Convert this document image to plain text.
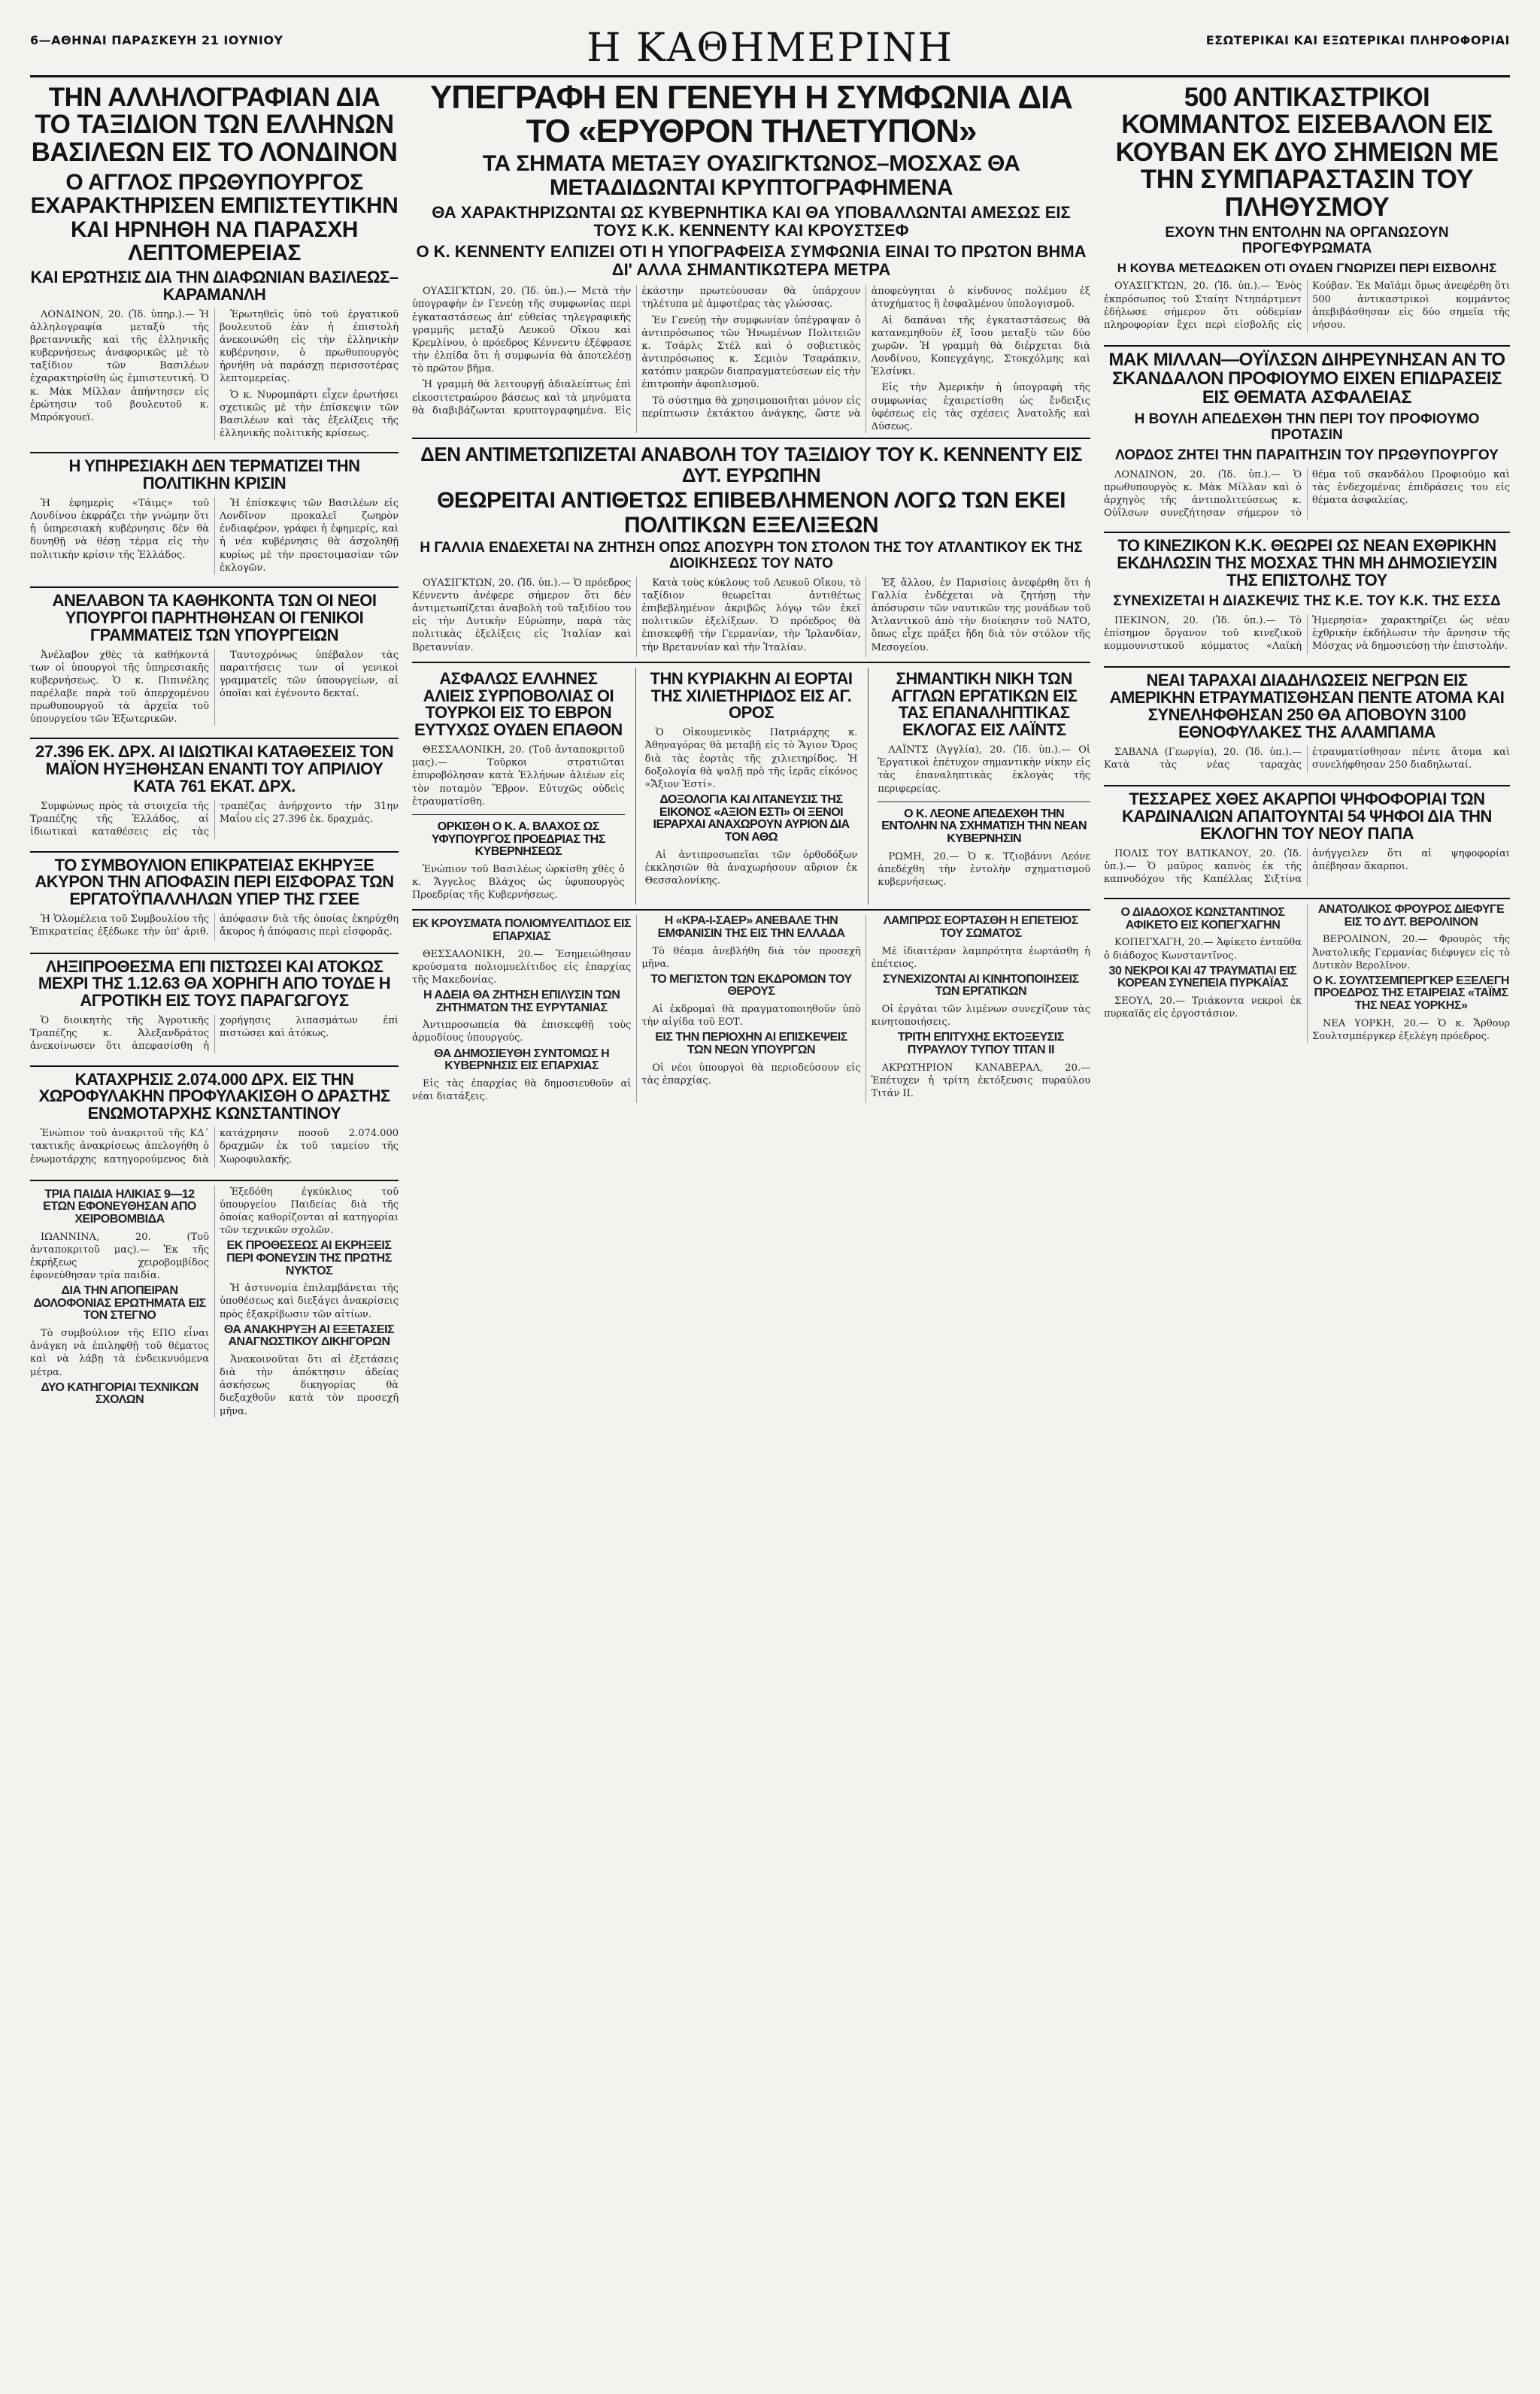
6—ΑΘΗΝΑΙ ΠΑΡΑΣΚΕΥΗ 21 ΙΟΥΝΙΟΥ	Η ΚΑΘΗΜΕΡΙΝΗ	ΕΣΩΤΕΡΙΚΑΙ ΚΑΙ ΕΞΩΤΕΡΙΚΑΙ ΠΛΗΡΟΦΟΡΙΑΙ
ΤΗΝ ΑΛΛΗΛΟΓΡΑΦΙΑΝ ΔΙΑ ΤΟ ΤΑΞΙΔΙΟΝ ΤΩΝ ΕΛΛΗΝΩΝ ΒΑΣΙΛΕΩΝ ΕΙΣ ΤΟ ΛΟΝΔΙΝΟΝ
Ο ΑΓΓΛΟΣ ΠΡΩΘΥΠΟΥΡΓΟΣ ΕΧΑΡΑΚΤΗΡΙΣΕΝ ΕΜΠΙΣΤΕΥΤΙΚΗΝ ΚΑΙ ΗΡΝΗΘΗ ΝΑ ΠΑΡΑΣΧΗ ΛΕΠΤΟΜΕΡΕΙΑΣ
ΚΑΙ ΕΡΩΤΗΣΙΣ ΔΙΑ ΤΗΝ ΔΙΑΦΩΝΙΑΝ ΒΑΣΙΛΕΩΣ–ΚΑΡΑΜΑΝΛΗ

ΛΟΝΔΙΝΟΝ, 20. (Ἰδ. ὑπηρ.).— Ἡ ἀλληλογραφία μεταξὺ τῆς βρεταννικῆς καὶ τῆς ἑλληνικῆς κυβερνήσεως ἀναφορικῶς μὲ τὸ ταξίδιον τῶν Βασιλέων ἐχαρακτηρίσθη ὡς ἐμπιστευτική. Ὁ κ. Μὰκ Μίλλαν ἀπήντησεν εἰς ἐρώτησιν τοῦ βουλευτοῦ κ. Μπρόκγουεϊ.

Ἐρωτηθεὶς ὑπὸ τοῦ ἐργατικοῦ βουλευτοῦ ἐὰν ἡ ἐπιστολὴ ἀνεκοινώθη εἰς τὴν ἑλληνικὴν κυβέρνησιν, ὁ πρωθυπουργὸς ἠρνήθη νὰ παράσχῃ περισσοτέρας λεπτομερείας.

Ὁ κ. Νυρομπάρτι εἶχεν ἐρωτήσει σχετικῶς μὲ τὴν ἐπίσκεψιν τῶν Βασιλέων καὶ τὰς ἐξελίξεις τῆς ἑλληνικῆς πολιτικῆς κρίσεως.

Η ΥΠΗΡΕΣΙΑΚΗ ΔΕΝ ΤΕΡΜΑΤΙΖΕΙ ΤΗΝ ΠΟΛΙΤΙΚΗΝ ΚΡΙΣΙΝ

Ἡ ἐφημερὶς «Τάιμς» τοῦ Λονδίνου ἐκφράζει τὴν γνώμην ὅτι ἡ ὑπηρεσιακὴ κυβέρνησις δὲν θὰ δυνηθῇ νὰ θέσῃ τέρμα εἰς τὴν πολιτικὴν κρίσιν τῆς Ἑλλάδος.

Ἡ ἐπίσκεψις τῶν Βασιλέων εἰς Λονδῖνον προκαλεῖ ζωηρὸν ἐνδιαφέρον, γράφει ἡ ἐφημερίς, καὶ ἡ νέα κυβέρνησις θὰ ἀσχοληθῇ κυρίως μὲ τὴν προετοιμασίαν τῶν ἐκλογῶν.

ΑΝΕΛΑΒΟΝ ΤΑ ΚΑΘΗΚΟΝΤΑ ΤΩΝ ΟΙ ΝΕΟΙ ΥΠΟΥΡΓΟΙ ΠΑΡΗΤΗΘΗΣΑΝ ΟΙ ΓΕΝΙΚΟΙ ΓΡΑΜΜΑΤΕΙΣ ΤΩΝ ΥΠΟΥΡΓΕΙΩΝ

Ἀνέλαβον χθὲς τὰ καθήκοντά των οἱ ὑπουργοὶ τῆς ὑπηρεσιακῆς κυβερνήσεως. Ὁ κ. Πιπινέλης παρέλαβε παρὰ τοῦ ἀπερχομένου πρωθυπουργοῦ τὰ ἀρχεῖα τοῦ ὑπουργείου τῶν Ἐξωτερικῶν.

Ταυτοχρόνως ὑπέβαλον τὰς παραιτήσεις των οἱ γενικοὶ γραμματεῖς τῶν ὑπουργείων, αἱ ὁποῖαι καὶ ἐγένοντο δεκταί.

27.396 ΕΚ. ΔΡΧ. ΑΙ ΙΔΙΩΤΙΚΑΙ ΚΑΤΑΘΕΣΕΙΣ ΤΟΝ ΜΑΪΟΝ ΗΥΞΗΘΗΣΑΝ ΕΝΑΝΤΙ ΤΟΥ ΑΠΡΙΛΙΟΥ ΚΑΤΑ 761 ΕΚΑΤ. ΔΡΧ.

Συμφώνως πρὸς τὰ στοιχεῖα τῆς Τραπέζης τῆς Ἑλλάδος, αἱ ἰδιωτικαὶ καταθέσεις εἰς τὰς τραπέζας ἀνήρχοντο τὴν 31ην Μαΐου εἰς 27.396 ἑκ. δραχμάς.

ΤΟ ΣΥΜΒΟΥΛΙΟΝ ΕΠΙΚΡΑΤΕΙΑΣ ΕΚΗΡΥΞΕ ΑΚΥΡΟΝ ΤΗΝ ΑΠΟΦΑΣΙΝ ΠΕΡΙ ΕΙΣΦΟΡΑΣ ΤΩΝ ΕΡΓΑΤΟΫΠΑΛΛΗΛΩΝ ΥΠΕΡ ΤΗΣ ΓΣΕΕ

Ἡ Ὁλομέλεια τοῦ Συμβουλίου τῆς Ἐπικρατείας ἐξέδωκε τὴν ὑπ' ἀριθ. ἀπόφασιν διὰ τῆς ὁποίας ἐκηρύχθη ἄκυρος ἡ ἀπόφασις περὶ εἰσφορᾶς.

ΛΗΞΙΠΡΟΘΕΣΜΑ ΕΠΙ ΠΙΣΤΩΣΕΙ ΚΑΙ ΑΤΟΚΩΣ ΜΕΧΡΙ ΤΗΣ 1.12.63 ΘΑ ΧΟΡΗΓΗ ΑΠΟ ΤΟΥΔΕ Η ΑΓΡΟΤΙΚΗ ΕΙΣ ΤΟΥΣ ΠΑΡΑΓΩΓΟΥΣ

Ὁ διοικητὴς τῆς Ἀγροτικῆς Τραπέζης κ. Ἀλεξανδράτος ἀνεκοίνωσεν ὅτι ἀπεφασίσθη ἡ χορήγησις λιπασμάτων ἐπὶ πιστώσει καὶ ἀτόκως.

ΚΑΤΑΧΡΗΣΙΣ 2.074.000 ΔΡΧ. ΕΙΣ ΤΗΝ ΧΩΡΟΦΥΛΑΚΗΝ ΠΡΟΦΥΛΑΚΙΣΘΗ Ο ΔΡΑΣΤΗΣ ΕΝΩΜΟΤΑΡΧΗΣ ΚΩΝΣΤΑΝΤΙΝΟΥ

Ἐνώπιον τοῦ ἀνακριτοῦ τῆς ΚΔ΄ τακτικῆς ἀνακρίσεως ἀπελογήθη ὁ ἐνωμοτάρχης κατηγορούμενος διὰ κατάχρησιν ποσοῦ 2.074.000 δραχμῶν ἐκ τοῦ ταμείου τῆς Χωροφυλακῆς.

ΤΡΙΑ ΠΑΙΔΙΑ ΗΛΙΚΙΑΣ 9—12 ΕΤΩΝ ΕΦΟΝΕΥΘΗΣΑΝ ΑΠΟ ΧΕΙΡΟΒΟΜΒΙΔΑ

ΙΩΑΝΝΙΝΑ, 20. (Τοῦ ἀνταποκριτοῦ μας).— Ἐκ τῆς ἐκρήξεως χειροβομβίδος ἐφονεύθησαν τρία παιδία.

ΔΙΑ ΤΗΝ ΑΠΟΠΕΙΡΑΝ ΔΟΛΟΦΟΝΙΑΣ ΕΡΩΤΗΜΑΤΑ ΕΙΣ ΤΟΝ ΣΤΕΓΝΟ

Τὸ συμβούλιον τῆς ΕΠΟ εἶναι ἀνάγκη νὰ ἐπιληφθῇ τοῦ θέματος καὶ νὰ λάβῃ τὰ ἐνδεικνυόμενα μέτρα.

ΔΥΟ ΚΑΤΗΓΟΡΙΑΙ ΤΕΧΝΙΚΩΝ ΣΧΟΛΩΝ

Ἐξεδόθη ἐγκύκλιος τοῦ ὑπουργείου Παιδείας διὰ τῆς ὁποίας καθορίζονται αἱ κατηγορίαι τῶν τεχνικῶν σχολῶν.

ΕΚ ΠΡΟΘΕΣΕΩΣ ΑΙ ΕΚΡΗΞΕΙΣ ΠΕΡΙ ΦΟΝΕΥΣΙΝ ΤΗΣ ΠΡΩΤΗΣ ΝΥΚΤΟΣ

Ἡ ἀστυνομία ἐπιλαμβάνεται τῆς ὑποθέσεως καὶ διεξάγει ἀνακρίσεις πρὸς ἐξακρίβωσιν τῶν αἰτίων.

ΘΑ ΑΝΑΚΗΡΥΞΗ ΑΙ ΕΞΕΤΑΣΕΙΣ ΑΝΑΓΝΩΣΤΙΚΟΥ ΔΙΚΗΓΟΡΩΝ

Ἀνακοινοῦται ὅτι αἱ ἐξετάσεις διὰ τὴν ἀπόκτησιν ἀδείας ἀσκήσεως δικηγορίας θὰ διεξαχθοῦν κατὰ τὸν προσεχῆ μῆνα.

ΥΠΕΓΡΑΦΗ ΕΝ ΓΕΝΕΥΗ Η ΣΥΜΦΩΝΙΑ ΔΙΑ ΤΟ «ΕΡΥΘΡΟΝ ΤΗΛΕΤΥΠΟΝ»
ΤΑ ΣΗΜΑΤΑ ΜΕΤΑΞΥ ΟΥΑΣΙΓΚΤΩΝΟΣ–ΜΟΣΧΑΣ ΘΑ ΜΕΤΑΔΙΔΩΝΤΑΙ ΚΡΥΠΤΟΓΡΑΦΗΜΕΝΑ
ΘΑ ΧΑΡΑΚΤΗΡΙΖΩΝΤΑΙ ΩΣ ΚΥΒΕΡΝΗΤΙΚΑ ΚΑΙ ΘΑ ΥΠΟΒΑΛΛΩΝΤΑΙ ΑΜΕΣΩΣ ΕΙΣ ΤΟΥΣ Κ.Κ. ΚΕΝΝΕΝΤΥ ΚΑΙ ΚΡΟΥΣΤΣΕΦ
Ο Κ. ΚΕΝΝΕΝΤΥ ΕΛΠΙΖΕΙ ΟΤΙ Η ΥΠΟΓΡΑΦΕΙΣΑ ΣΥΜΦΩΝΙΑ ΕΙΝΑΙ ΤΟ ΠΡΩΤΟΝ ΒΗΜΑ ΔΙ' ΑΛΛΑ ΣΗΜΑΝΤΙΚΩΤΕΡΑ ΜΕΤΡΑ

ΟΥΑΣΙΓΚΤΩΝ, 20. (Ἰδ. ὑπ.).— Μετὰ τὴν ὑπογραφὴν ἐν Γενεύῃ τῆς συμφωνίας περὶ ἐγκαταστάσεως ἀπ' εὐθείας τηλεγραφικῆς γραμμῆς μεταξὺ Λευκοῦ Οἴκου καὶ Κρεμλίνου, ὁ πρόεδρος Κέννεντυ ἐξέφρασε τὴν ἐλπίδα ὅτι ἡ συμφωνία θὰ ἀποτελέσῃ τὸ πρῶτον βῆμα.

Ἡ γραμμὴ θὰ λειτουργῇ ἀδιαλείπτως ἐπὶ εἰκοσιτετραώρου βάσεως καὶ τὰ μηνύματα θὰ διαβιβάζωνται κρυπτογραφημένα. Εἰς ἑκάστην πρωτεύουσαν θὰ ὑπάρχουν τηλέτυπα μὲ ἀμφοτέρας τὰς γλώσσας.

Ἐν Γενεύῃ τὴν συμφωνίαν ὑπέγραψαν ὁ ἀντιπρόσωπος τῶν Ἡνωμένων Πολιτειῶν κ. Τσάρλς Στέλ καὶ ὁ σοβιετικὸς ἀντιπρόσωπος κ. Σεμιὸν Τσαράπκιν, κατόπιν μακρῶν διαπραγματεύσεων εἰς τὴν ἐπιτροπὴν ἀφοπλισμοῦ.

Τὸ σύστημα θὰ χρησιμοποιῆται μόνον εἰς περίπτωσιν ἐκτάκτου ἀνάγκης, ὥστε νὰ ἀποφεύγηται ὁ κίνδυνος πολέμου ἐξ ἀτυχήματος ἢ ἐσφαλμένου ὑπολογισμοῦ.

Αἱ δαπάναι τῆς ἐγκαταστάσεως θὰ κατανεμηθοῦν ἐξ ἴσου μεταξὺ τῶν δύο χωρῶν. Ἡ γραμμὴ θὰ διέρχεται διὰ Λονδίνου, Κοπεγχάγης, Στοκχόλμης καὶ Ἑλσίνκι.

Εἰς τὴν Ἀμερικὴν ἡ ὑπογραφὴ τῆς συμφωνίας ἐχαιρετίσθη ὡς ἔνδειξις ὑφέσεως εἰς τὰς σχέσεις Ἀνατολῆς καὶ Δύσεως.

ΔΕΝ ΑΝΤΙΜΕΤΩΠΙΖΕΤΑΙ ΑΝΑΒΟΛΗ ΤΟΥ ΤΑΞΙΔΙΟΥ ΤΟΥ Κ. ΚΕΝΝΕΝΤΥ ΕΙΣ ΔΥΤ. ΕΥΡΩΠΗΝ
ΘΕΩΡΕΙΤΑΙ ΑΝΤΙΘΕΤΩΣ ΕΠΙΒΕΒΛΗΜΕΝΟΝ ΛΟΓΩ ΤΩΝ ΕΚΕΙ ΠΟΛΙΤΙΚΩΝ ΕΞΕΛΙΞΕΩΝ
Η ΓΑΛΛΙΑ ΕΝΔΕΧΕΤΑΙ ΝΑ ΖΗΤΗΣΗ ΟΠΩΣ ΑΠΟΣΥΡΗ ΤΟΝ ΣΤΟΛΟΝ ΤΗΣ ΤΟΥ ΑΤΛΑΝΤΙΚΟΥ ΕΚ ΤΗΣ ΔΙΟΙΚΗΣΕΩΣ ΤΟΥ ΝΑΤΟ

ΟΥΑΣΙΓΚΤΩΝ, 20. (Ἰδ. ὑπ.).— Ὁ πρόεδρος Κέννεντυ ἀνέφερε σήμερον ὅτι δὲν ἀντιμετωπίζεται ἀναβολὴ τοῦ ταξιδίου του εἰς τὴν Δυτικὴν Εὐρώπην, παρὰ τὰς πολιτικὰς ἐξελίξεις εἰς Ἰταλίαν καὶ Βρεταννίαν.

Κατὰ τοὺς κύκλους τοῦ Λευκοῦ Οἴκου, τὸ ταξίδιον θεωρεῖται ἀντιθέτως ἐπιβεβλημένον ἀκριβῶς λόγῳ τῶν ἐκεῖ πολιτικῶν ἐξελίξεων. Ὁ πρόεδρος θὰ ἐπισκεφθῇ τὴν Γερμανίαν, τὴν Ἰρλανδίαν, τὴν Βρεταννίαν καὶ τὴν Ἰταλίαν.

Ἐξ ἄλλου, ἐν Παρισίοις ἀνεφέρθη ὅτι ἡ Γαλλία ἐνδέχεται νὰ ζητήσῃ τὴν ἀπόσυρσιν τῶν ναυτικῶν της μονάδων τοῦ Ἀτλαντικοῦ ἀπὸ τὴν διοίκησιν τοῦ ΝΑΤΟ, ὅπως εἶχε πράξει ἤδη διὰ τὸν στόλον τῆς Μεσογείου.

ΑΣΦΑΛΩΣ ΕΛΛΗΝΕΣ ΑΛΙΕΙΣ ΣΥΡΠΟΒΟΛΙΑΣ ΟΙ ΤΟΥΡΚΟΙ ΕΙΣ ΤΟ ΕΒΡΟΝ ΕΥΤΥΧΩΣ ΟΥΔΕΝ ΕΠΑΘΟΝ

ΘΕΣΣΑΛΟΝΙΚΗ, 20. (Τοῦ ἀνταποκριτοῦ μας).— Τοῦρκοι στρατιῶται ἐπυροβόλησαν κατὰ Ἑλλήνων ἁλιέων εἰς τὸν ποταμὸν Ἕβρον. Εὐτυχῶς οὐδεὶς ἐτραυματίσθη.

ΟΡΚΙΣΘΗ Ο Κ. Α. ΒΛΑΧΟΣ ΩΣ ΥΦΥΠΟΥΡΓΟΣ ΠΡΟΕΔΡΙΑΣ ΤΗΣ ΚΥΒΕΡΝΗΣΕΩΣ

Ἐνώπιον τοῦ Βασιλέως ὡρκίσθη χθὲς ὁ κ. Ἄγγελος Βλάχος ὡς ὑφυπουργὸς Προεδρίας τῆς Κυβερνήσεως.

ΤΗΝ ΚΥΡΙΑΚΗΝ ΑΙ ΕΟΡΤΑΙ ΤΗΣ ΧΙΛΙΕΤΗΡΙΔΟΣ ΕΙΣ ΑΓ. ΟΡΟΣ

Ὁ Οἰκουμενικὸς Πατριάρχης κ. Ἀθηναγόρας θὰ μεταβῇ εἰς τὸ Ἅγιον Ὄρος διὰ τὰς ἑορτὰς τῆς χιλιετηρίδος. Ἡ δοξολογία θὰ ψαλῇ πρὸ τῆς ἱερᾶς εἰκόνος «Ἄξιον Ἐστί».

ΔΟΞΟΛΟΓΙΑ ΚΑΙ ΛΙΤΑΝΕΥΣΙΣ ΤΗΣ ΕΙΚΟΝΟΣ «ΑΞΙΟΝ ΕΣΤΙ» ΟΙ ΞΕΝΟΙ ΙΕΡΑΡΧΑΙ ΑΝΑΧΩΡΟΥΝ ΑΥΡΙΟΝ ΔΙΑ ΤΟΝ ΑΘΩ

Αἱ ἀντιπροσωπεῖαι τῶν ὀρθοδόξων ἐκκλησιῶν θὰ ἀναχωρήσουν αὔριον ἐκ Θεσσαλονίκης.

ΣΗΜΑΝΤΙΚΗ ΝΙΚΗ ΤΩΝ ΑΓΓΛΩΝ ΕΡΓΑΤΙΚΩΝ ΕΙΣ ΤΑΣ ΕΠΑΝΑΛΗΠΤΙΚΑΣ ΕΚΛΟΓΑΣ ΕΙΣ ΛΑΪΝΤΣ

ΛΑΪΝΤΣ (Ἀγγλία), 20. (Ἰδ. ὑπ.).— Οἱ Ἐργατικοὶ ἐπέτυχον σημαντικὴν νίκην εἰς τὰς ἐπαναληπτικὰς ἐκλογὰς τῆς περιφερείας.

Ο Κ. ΛΕΟΝΕ ΑΠΕΔΕΧΘΗ ΤΗΝ ΕΝΤΟΛΗΝ ΝΑ ΣΧΗΜΑΤΙΣΗ ΤΗΝ ΝΕΑΝ ΚΥΒΕΡΝΗΣΙΝ

ΡΩΜΗ, 20.— Ὁ κ. Τζιοβάννι Λεόνε ἀπεδέχθη τὴν ἐντολὴν σχηματισμοῦ κυβερνήσεως.

ΕΚ ΚΡΟΥΣΜΑΤΑ ΠΟΛΙΟΜΥΕΛΙΤΙΔΟΣ ΕΙΣ ΕΠΑΡΧΙΑΣ

ΘΕΣΣΑΛΟΝΙΚΗ, 20.— Ἐσημειώθησαν κρούσματα πολιομυελίτιδος εἰς ἐπαρχίας τῆς Μακεδονίας.

Η ΑΔΕΙΑ ΘΑ ΖΗΤΗΣΗ ΕΠΙΛΥΣΙΝ ΤΩΝ ΖΗΤΗΜΑΤΩΝ ΤΗΣ ΕΥΡΥΤΑΝΙΑΣ

Ἀντιπροσωπεία θὰ ἐπισκεφθῇ τοὺς ἁρμοδίους ὑπουργούς.

ΘΑ ΔΗΜΟΣΙΕΥΘΗ ΣΥΝΤΟΜΩΣ Η ΚΥΒΕΡΝΗΣΙΣ ΕΙΣ ΕΠΑΡΧΙΑΣ

Εἰς τὰς ἐπαρχίας θὰ δημοσιευθοῦν αἱ νέαι διατάξεις.

Η «ΚΡΑ-Ι-ΣΑΕΡ» ΑΝΕΒΑΛΕ ΤΗΝ ΕΜΦΑΝΙΣΙΝ ΤΗΣ ΕΙΣ ΤΗΝ ΕΛΛΑΔΑ

Τὸ θέαμα ἀνεβλήθη διὰ τὸν προσεχῆ μῆνα.

ΤΟ ΜΕΓΙΣΤΟΝ ΤΩΝ ΕΚΔΡΟΜΩΝ ΤΟΥ ΘΕΡΟΥΣ

Αἱ ἐκδρομαὶ θὰ πραγματοποιηθοῦν ὑπὸ τὴν αἰγίδα τοῦ ΕΟΤ.

ΕΙΣ ΤΗΝ ΠΕΡΙΟΧΗΝ ΑΙ ΕΠΙΣΚΕΨΕΙΣ ΤΩΝ ΝΕΩΝ ΥΠΟΥΡΓΩΝ

Οἱ νέοι ὑπουργοὶ θὰ περιοδεύσουν εἰς τὰς ἐπαρχίας.

ΛΑΜΠΡΩΣ ΕΟΡΤΑΣΘΗ Η ΕΠΕΤΕΙΟΣ ΤΟΥ ΣΩΜΑΤΟΣ

Μὲ ἰδιαιτέραν λαμπρότητα ἑωρτάσθη ἡ ἐπέτειος.

ΣΥΝΕΧΙΖΟΝΤΑΙ ΑΙ ΚΙΝΗΤΟΠΟΙΗΣΕΙΣ ΤΩΝ ΕΡΓΑΤΙΚΩΝ

Οἱ ἐργάται τῶν λιμένων συνεχίζουν τὰς κινητοποιήσεις.

ΤΡΙΤΗ ΕΠΙΤΥΧΗΣ ΕΚΤΟΞΕΥΣΙΣ ΠΥΡΑΥΛΟΥ ΤΥΠΟΥ ΤΙΤΑΝ ΙΙ

ΑΚΡΩΤΗΡΙΟΝ ΚΑΝΑΒΕΡΑΛ, 20.— Ἐπέτυχεν ἡ τρίτη ἐκτόξευσις πυραύλου Τιτάν ΙΙ.

500 ΑΝΤΙΚΑΣΤΡΙΚΟΙ ΚΟΜΜΑΝΤΟΣ ΕΙΣΕΒΑΛΟΝ ΕΙΣ ΚΟΥΒΑΝ ΕΚ ΔΥΟ ΣΗΜΕΙΩΝ ΜΕ ΤΗΝ ΣΥΜΠΑΡΑΣΤΑΣΙΝ ΤΟΥ ΠΛΗΘΥΣΜΟΥ
ΕΧΟΥΝ ΤΗΝ ΕΝΤΟΛΗΝ ΝΑ ΟΡΓΑΝΩΣΟΥΝ ΠΡΟΓΕΦΥΡΩΜΑΤΑ
Η ΚΟΥΒΑ ΜΕΤΕΔΩΚΕΝ ΟΤΙ ΟΥΔΕΝ ΓΝΩΡΙΖΕΙ ΠΕΡΙ ΕΙΣΒΟΛΗΣ

ΟΥΑΣΙΓΚΤΩΝ, 20. (Ἰδ. ὑπ.).— Ἐνὸς ἐκπρόσωπος τοῦ Σταίητ Ντηπάρτμεντ ἐδήλωσε σήμερον ὅτι οὐδεμίαν πληροφορίαν ἔχει περὶ εἰσβολῆς εἰς Κούβαν. Ἐκ Μαϊάμι ὅμως ἀνεφέρθη ὅτι 500 ἀντικαστρικοὶ κομμάντος ἀπεβιβάσθησαν εἰς δύο σημεῖα τῆς νήσου.

ΜΑΚ ΜΙΛΛΑΝ—ΟΥΪΛΣΩΝ ΔΙΗΡΕΥΝΗΣΑΝ ΑΝ ΤΟ ΣΚΑΝΔΑΛΟΝ ΠΡΟΦΙΟΥΜΟ ΕΙΧΕΝ ΕΠΙΔΡΑΣΕΙΣ ΕΙΣ ΘΕΜΑΤΑ ΑΣΦΑΛΕΙΑΣ
Η ΒΟΥΛΗ ΑΠΕΔΕΧΘΗ ΤΗΝ ΠΕΡΙ ΤΟΥ ΠΡΟΦΙΟΥΜΟ ΠΡΟΤΑΣΙΝ
ΛΟΡΔΟΣ ΖΗΤΕΙ ΤΗΝ ΠΑΡΑΙΤΗΣΙΝ ΤΟΥ ΠΡΩΘΥΠΟΥΡΓΟΥ

ΛΟΝΔΙΝΟΝ, 20. (Ἰδ. ὑπ.).— Ὁ πρωθυπουργὸς κ. Μὰκ Μίλλαν καὶ ὁ ἀρχηγὸς τῆς ἀντιπολιτεύσεως κ. Οὐΐλσων συνεζήτησαν σήμερον τὸ θέμα τοῦ σκανδάλου Προφιούμο καὶ τὰς ἐνδεχομένας ἐπιδράσεις του εἰς θέματα ἀσφαλείας.

ΤΟ ΚΙΝΕΖΙΚΟΝ Κ.Κ. ΘΕΩΡΕΙ ΩΣ ΝΕΑΝ ΕΧΘΡΙΚΗΝ ΕΚΔΗΛΩΣΙΝ ΤΗΣ ΜΟΣΧΑΣ ΤΗΝ ΜΗ ΔΗΜΟΣΙΕΥΣΙΝ ΤΗΣ ΕΠΙΣΤΟΛΗΣ ΤΟΥ
ΣΥΝΕΧΙΖΕΤΑΙ Η ΔΙΑΣΚΕΨΙΣ ΤΗΣ Κ.Ε. ΤΟΥ Κ.Κ. ΤΗΣ ΕΣΣΔ

ΠΕΚΙΝΟΝ, 20. (Ἰδ. ὑπ.).— Τὸ ἐπίσημον ὄργανον τοῦ κινεζικοῦ κομμουνιστικοῦ κόμματος «Λαϊκὴ Ἡμερησία» χαρακτηρίζει ὡς νέαν ἐχθρικὴν ἐκδήλωσιν τὴν ἄρνησιν τῆς Μόσχας νὰ δημοσιεύσῃ τὴν ἐπιστολήν.

ΝΕΑΙ ΤΑΡΑΧΑΙ ΔΙΑΔΗΛΩΣΕΙΣ ΝΕΓΡΩΝ ΕΙΣ ΑΜΕΡΙΚΗΝ ΕΤΡΑΥΜΑΤΙΣΘΗΣΑΝ ΠΕΝΤΕ ΑΤΟΜΑ ΚΑΙ ΣΥΝΕΛΗΦΘΗΣΑΝ 250 ΘΑ ΑΠΟΒΟΥΝ 3100 ΕΘΝΟΦΥΛΑΚΕΣ ΤΗΣ ΑΛΑΜΠΑΜΑ

ΣΑΒΑΝΑ (Γεωργία), 20. (Ἰδ. ὑπ.).— Κατὰ τὰς νέας ταραχὰς ἐτραυματίσθησαν πέντε ἄτομα καὶ συνελήφθησαν 250 διαδηλωταί.

ΤΕΣΣΑΡΕΣ ΧΘΕΣ ΑΚΑΡΠΟΙ ΨΗΦΟΦΟΡΙΑΙ ΤΩΝ ΚΑΡΔΙΝΑΛΙΩΝ ΑΠΑΙΤΟΥΝΤΑΙ 54 ΨΗΦΟΙ ΔΙΑ ΤΗΝ ΕΚΛΟΓΗΝ ΤΟΥ ΝΕΟΥ ΠΑΠΑ

ΠΟΛΙΣ ΤΟΥ ΒΑΤΙΚΑΝΟΥ, 20. (Ἰδ. ὑπ.).— Ὁ μαῦρος καπνὸς ἐκ τῆς καπνοδόχου τῆς Καπέλλας Σιξτίνα ἀνήγγειλεν ὅτι αἱ ψηφοφορίαι ἀπέβησαν ἄκαρποι.

Ο ΔΙΑΔΟΧΟΣ ΚΩΝΣΤΑΝΤΙΝΟΣ ΑΦΙΚΕΤΟ ΕΙΣ ΚΟΠΕΓΧΑΓΗΝ

ΚΟΠΕΓΧΑΓΗ, 20.— Ἀφίκετο ἐνταῦθα ὁ διάδοχος Κωνσταντῖνος.

30 ΝΕΚΡΟΙ ΚΑΙ 47 ΤΡΑΥΜΑΤΙΑΙ ΕΙΣ ΚΟΡΕΑΝ ΣΥΝΕΠΕΙΑ ΠΥΡΚΑΪΑΣ

ΣΕΟΥΛ, 20.— Τριάκοντα νεκροὶ ἐκ πυρκαϊᾶς εἰς ἐργοστάσιον.

ΑΝΑΤΟΛΙΚΟΣ ΦΡΟΥΡΟΣ ΔΙΕΦΥΓΕ ΕΙΣ ΤΟ ΔΥΤ. ΒΕΡΟΛΙΝΟΝ

ΒΕΡΟΛΙΝΟΝ, 20.— Φρουρὸς τῆς Ἀνατολικῆς Γερμανίας διέφυγεν εἰς τὸ Δυτικὸν Βερολῖνον.

Ο Κ. ΣΟΥΛΤΣΕΜΠΕΡΓΚΕΡ ΕΞΕΛΕΓΗ ΠΡΟΕΔΡΟΣ ΤΗΣ ΕΤΑΙΡΕΙΑΣ «ΤΑΪΜΣ ΤΗΣ ΝΕΑΣ ΥΟΡΚΗΣ»

ΝΕΑ ΥΟΡΚΗ, 20.— Ὁ κ. Ἄρθουρ Σουλτσμπέργκερ ἐξελέγη πρόεδρος.
